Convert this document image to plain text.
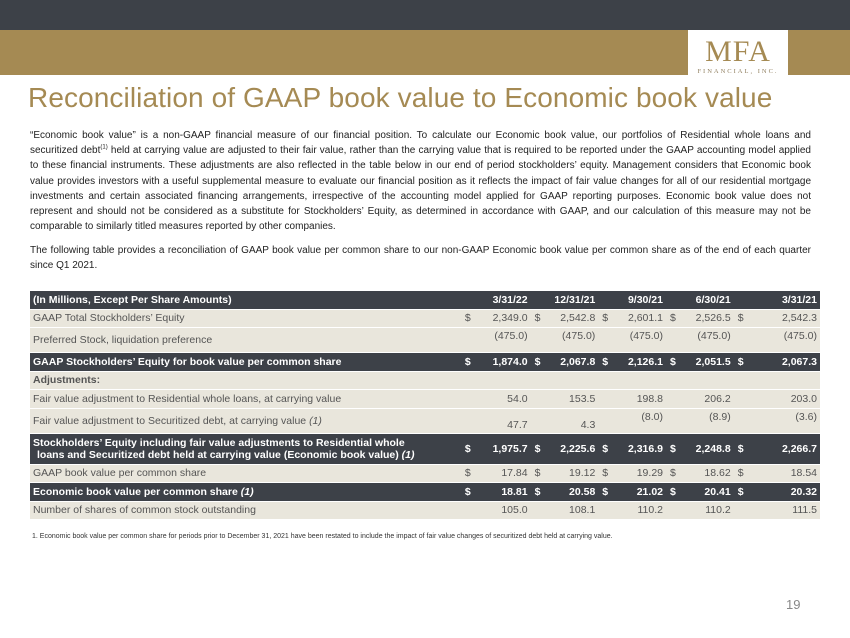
MFA
FINANCIAL, INC.
Reconciliation of GAAP book value to Economic book value

“Economic book value” is a non-GAAP financial measure of our financial position. To calculate our Economic book value, our portfolios of Residential whole loans and securitized debt$^{(1)}$ held at carrying value are adjusted to their fair value, rather than the carrying value that is required to be reported under the GAAP accounting model applied to these financial instruments. These adjustments are also reflected in the table below in our end of period stockholders’ equity. Management considers that Economic book value provides investors with a useful supplemental measure to evaluate our financial position as it reflects the impact of fair value changes for all of our residential mortgage investments and certain associated financing arrangements, irrespective of the accounting model applied for GAAP reporting purposes. Economic book value does not represent and should not be considered as a substitute for Stockholders’ Equity, as determined in accordance with GAAP, and our calculation of this measure may not be comparable to similarly titled measures reported by other companies.

The following table provides a reconciliation of GAAP book value per common share to our non-GAAP Economic book value per common share as of the end of each quarter since Q1 2021.

(In Millions, Except Per Share Amounts)	3/31/22		12/31/21		9/30/21		6/30/21		3/31/21	
GAAP Total Stockholders’ Equity	$	2,349.0	$	2,542.8	$	2,601.1	$	2,526.5	$	2,542.3
Preferred Stock, liquidation preference		(475.0)		(475.0)		(475.0)		(475.0)		(475.0)
GAAP Stockholders’ Equity for book value per common share	$	1,874.0	$	2,067.8	$	2,126.1	$	2,051.5	$	2,067.3
Adjustments:										
Fair value adjustment to Residential whole loans, at carrying value		54.0		153.5		198.8		206.2		203.0
Fair value adjustment to Securitized debt, at carrying value (1)		47.7		4.3		(8.0)		(8.9)		(3.6)

Stockholders’ Equity including fair value adjustments to Residential whole
loans and Securitized debt held at carrying value (Economic book value) (1)	$	1,975.7	$	2,225.6	$	2,316.9	$	2,248.8	$	2,266.7
GAAP book value per common share	$	17.84	$	19.12	$	19.29	$	18.62	$	18.54
Economic book value per common share (1)	$	18.81	$	20.58	$	21.02	$	20.41	$	20.32
Number of shares of common stock outstanding		105.0		108.1		110.2		110.2		111.5
1. Economic book value per common share for periods prior to December 31, 2021 have been restated to include the impact of fair value changes of securitized debt held at carrying value.
19
